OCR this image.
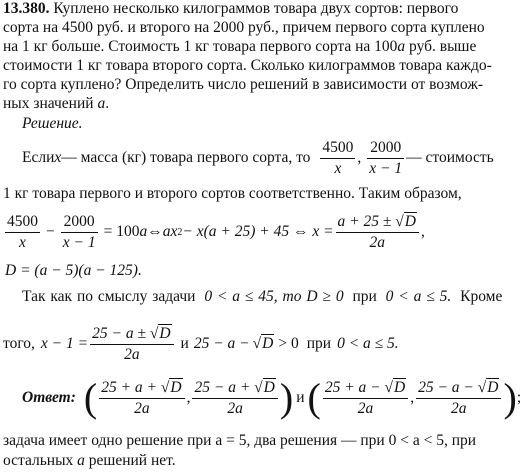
13.380. Куплено несколько килограммов товара двух сортов: первого
сорта на 4500 руб. и второго на 2000 руб., причем первого сорта куплено
на 1 кг больше. Стоимость 1 кг товара первого сорта на 100a руб. выше
стоимости 1 кг товара второго сорта. Сколько килограммов товара каждо-
го сорта куплено? Определить число решений в зависимости от возмож-
ных значений a.
Решение.
Если x — масса (кг) товара первого сорта, то $\frac{4500}{x}$ , $\frac{2000}{x - 1}$ — стоимость
1 кг товара первого и второго сортов соответственно. Таким образом,
$\frac{4500}{x} - \frac{2000}{x - 1} = 100$ a ⇔ ax 2 − x(a + 25) + 45 ⇔ $x = \frac{a + 25 \pm √D}{2a}$ ,
D = (a − 5)(a − 125).
Так как по смыслу задачи 0 < a ≤ 45, то D ≥ 0 при 0 < a ≤ 5. Кроме
того, $x - 1 = \frac{25 - a \pm √D}{2a}$ и 25 − a − √D > 0 при 0 < a ≤ 5.
Ответ: ( $\frac{25 + a + √D}{2a}$ , $\frac{25 - a + √D}{2a}$ ) и ( $\frac{25 + a - √D}{2a}$ , $\frac{25 - a - √D}{2a}$ ) ;
задача имеет одно решение при a = 5, два решения — при 0 < a < 5, при
остальных a решений нет.
